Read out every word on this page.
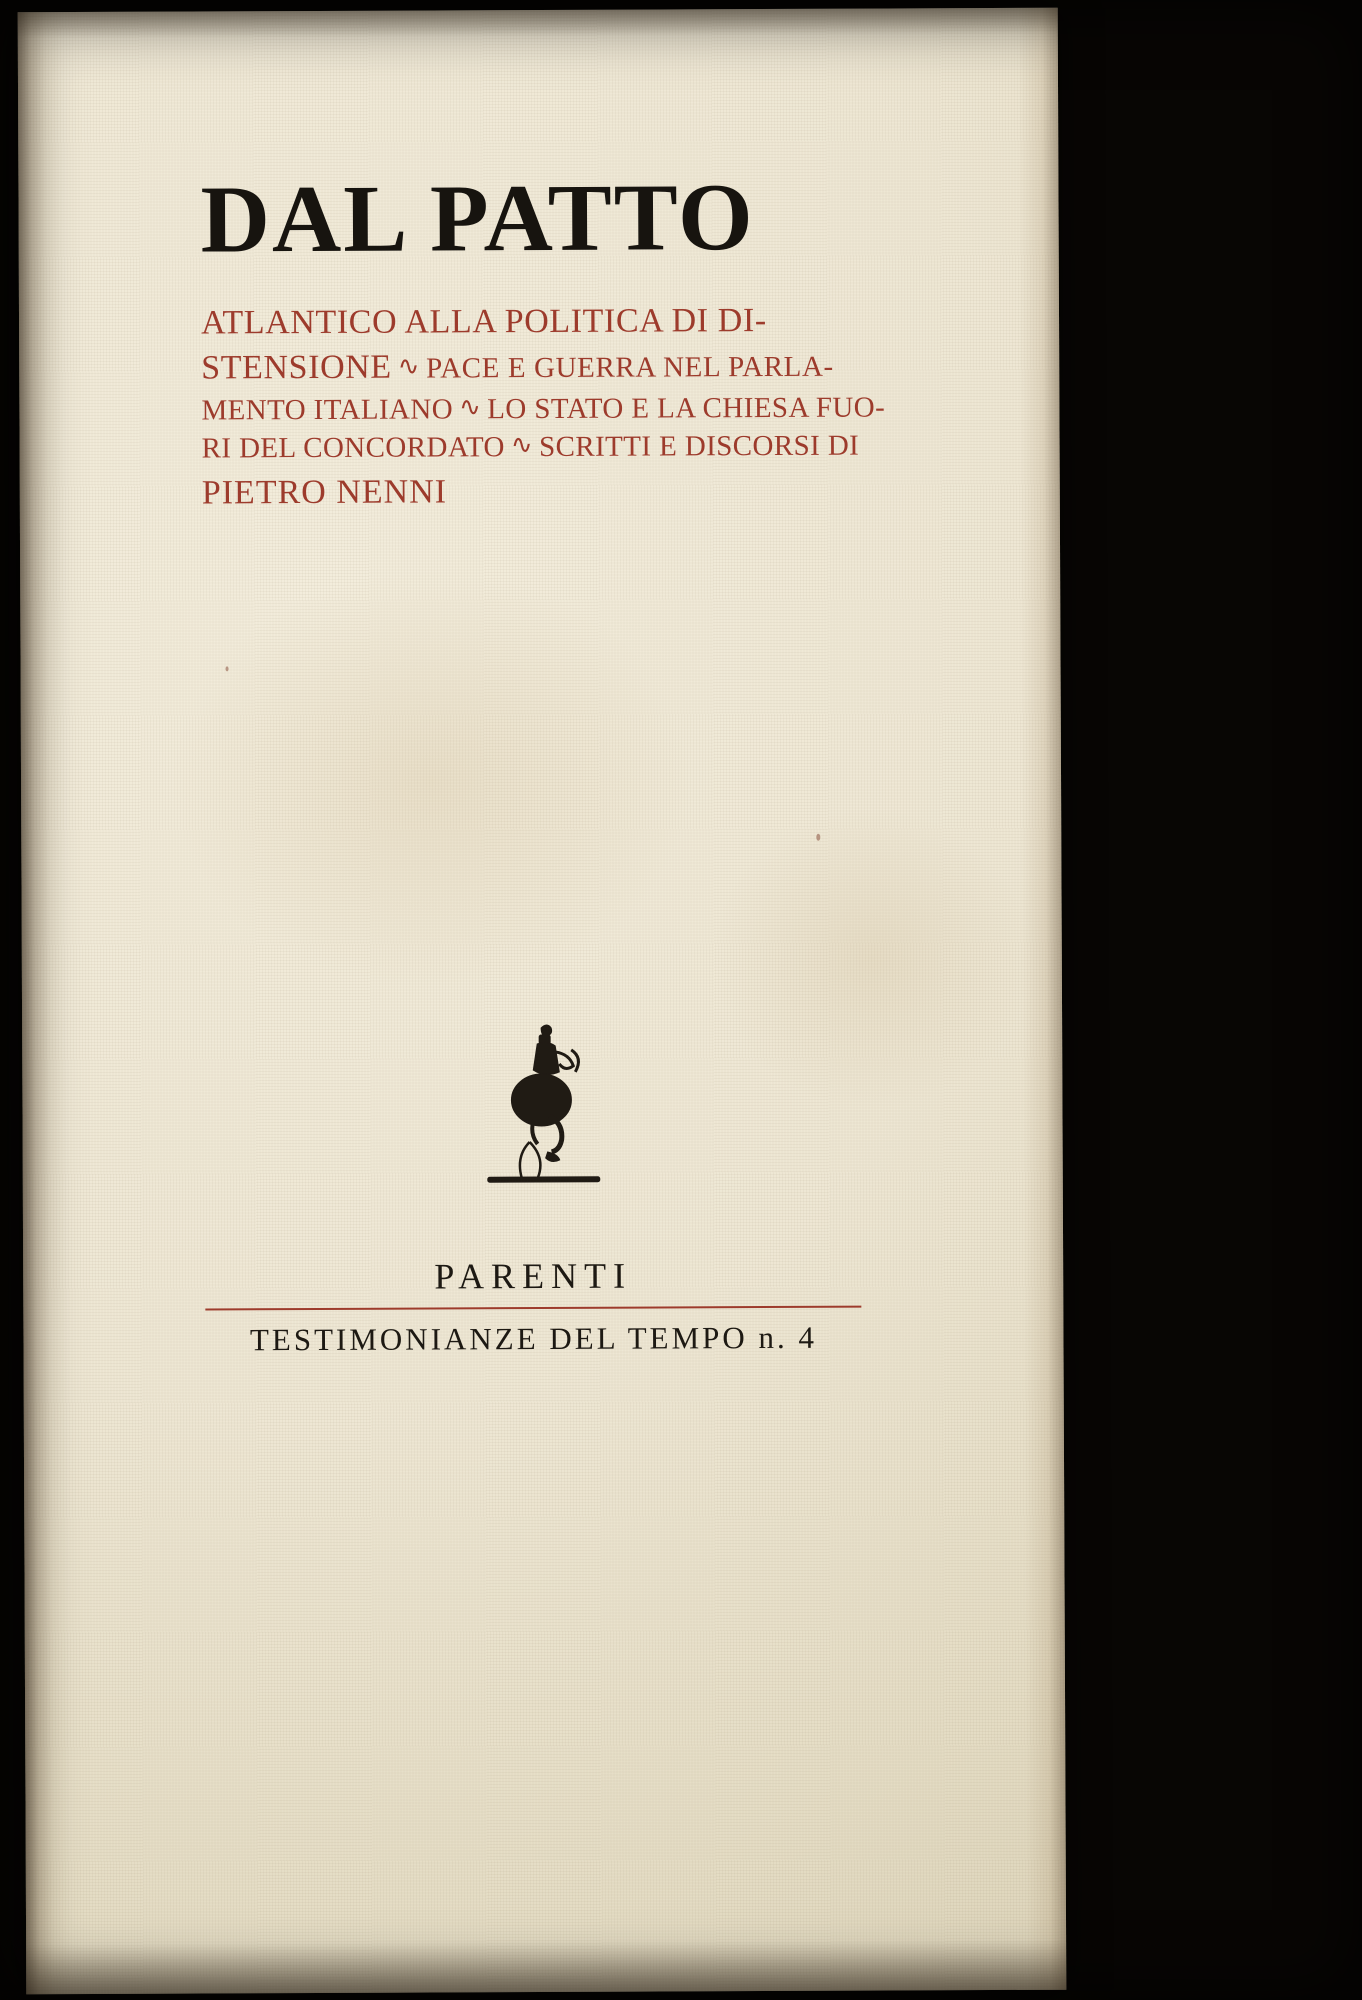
DAL PATTO
ATLANTICO ALLA POLITICA DI DI-
STENSIONE ∿ PACE E GUERRA NEL PARLA-
MENTO ITALIANO ∿ LO STATO E LA CHIESA FUO-
RI DEL CONCORDATO ∿ SCRITTI E DISCORSI DI
PIETRO NENNI
PARENTI
TESTIMONIANZE DEL TEMPO n. 4
